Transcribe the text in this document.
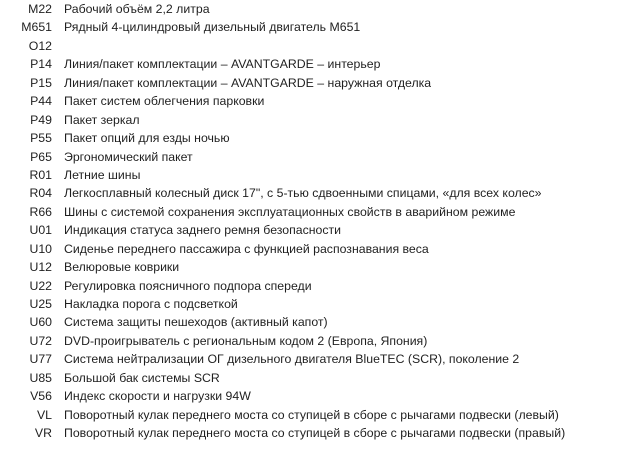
M22 Рабочий объём 2,2 литра
M651 Рядный 4-цилиндровый дизельный двигатель M651
O12
P14 Линия/пакет комплектации – AVANTGARDE – интерьер
P15 Линия/пакет комплектации – AVANTGARDE – наружная отделка
P44 Пакет систем облегчения парковки
P49 Пакет зеркал
P55 Пакет опций для езды ночью
P65 Эргономический пакет
R01 Летние шины
R04 Легкосплавный колесный диск 17", с 5-тью сдвоенными спицами, «для всех колес»
R66 Шины с системой сохранения эксплуатационных свойств в аварийном режиме
U01 Индикация статуса заднего ремня безопасности
U10 Сиденье переднего пассажира с функцией распознавания веса
U12 Велюровые коврики
U22 Регулировка поясничного подпора спереди
U25 Накладка порога с подсветкой
U60 Система защиты пешеходов (активный капот)
U72 DVD-проигрыватель с региональным кодом 2 (Европа, Япония)
U77 Система нейтрализации ОГ дизельного двигателя BlueTEC (SCR), поколение 2
U85 Большой бак системы SCR
V56 Индекс скорости и нагрузки 94W
VL Поворотный кулак переднего моста со ступицей в сборе с рычагами подвески (левый)
VR Поворотный кулак переднего моста со ступицей в сборе с рычагами подвески (правый)
